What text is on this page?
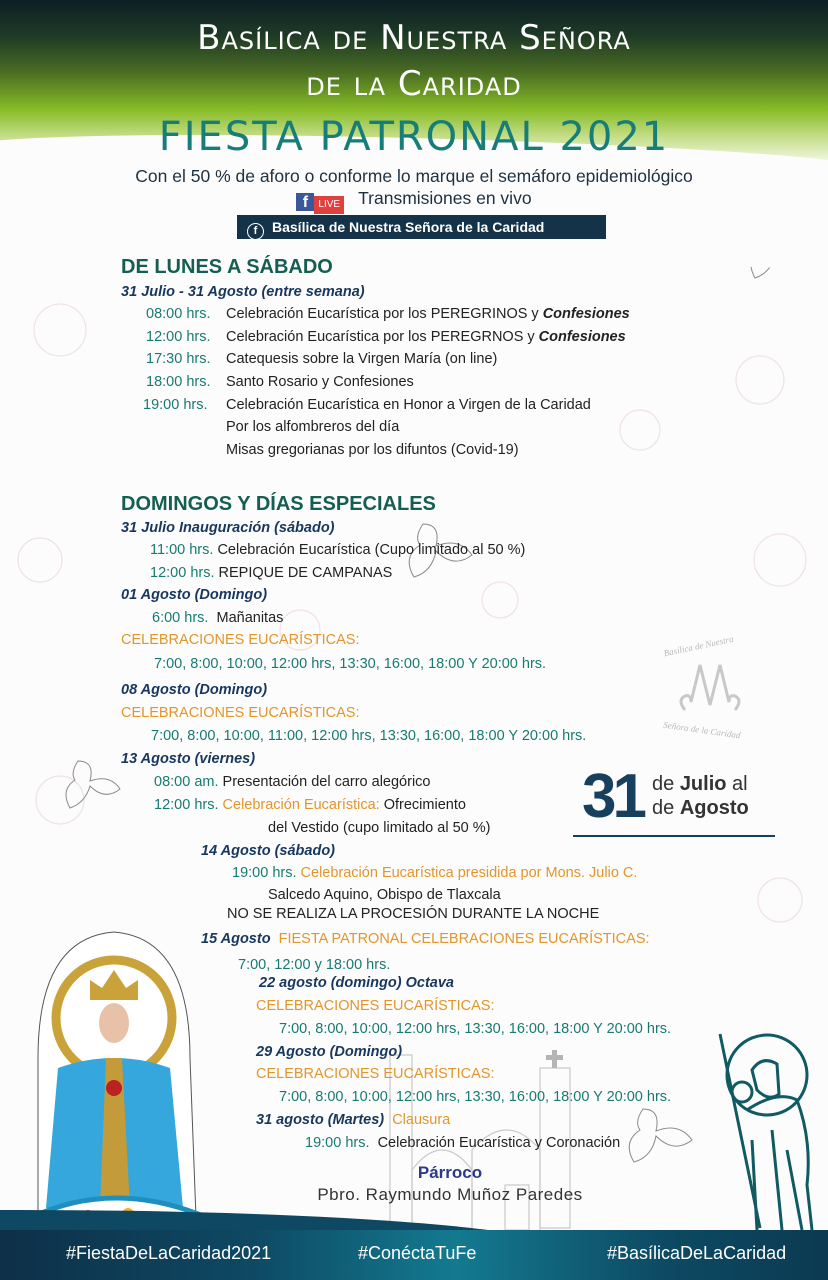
Basílica de Nuestra Señora
de la Caridad
FIESTA PATRONAL 2021
Con el 50 % de aforo o conforme lo marque el semáforo epidemiológico
f LIVE Transmisiones en vivo
f Basílica de Nuestra Señora de la Caridad
DE LUNES A SÁBADO
31 Julio - 31 Agosto (entre semana)
08:00 hrs. Celebración Eucarística por los PEREGRINOS y Confesiones
12:00 hrs. Celebración Eucarística por los PEREGRNOS y Confesiones
17:30 hrs. Catequesis sobre la Virgen María (on line)
18:00 hrs. Santo Rosario y Confesiones
19:00 hrs. Celebración Eucarística en Honor a Virgen de la Caridad
Por los alfombreros del día
Misas gregorianas por los difuntos (Covid-19)
DOMINGOS Y DÍAS ESPECIALES
31 Julio Inauguración (sábado)
11:00 hrs. Celebración Eucarística (Cupo limitado al 50 %)
12:00 hrs. REPIQUE DE CAMPANAS
01 Agosto (Domingo)
6:00 hrs. Mañanitas
CELEBRACIONES EUCARÍSTICAS:
7:00, 8:00, 10:00, 12:00 hrs, 13:30, 16:00, 18:00 Y 20:00 hrs.
08 Agosto (Domingo)
CELEBRACIONES EUCARÍSTICAS:
7:00, 8:00, 10:00, 11:00, 12:00 hrs, 13:30, 16:00, 18:00 Y 20:00 hrs.
13 Agosto (viernes)
08:00 am. Presentación del carro alegórico
12:00 hrs. Celebración Eucarística: Ofrecimiento
del Vestido (cupo limitado al 50 %)
14 Agosto (sábado)
19:00 hrs. Celebración Eucarística presidida por Mons. Julio C.
Salcedo Aquino, Obispo de Tlaxcala
NO SE REALIZA LA PROCESIÓN DURANTE LA NOCHE
15 Agosto FIESTA PATRONAL CELEBRACIONES EUCARÍSTICAS:
7:00, 12:00 y 18:00 hrs.
22 agosto (domingo) Octava
CELEBRACIONES EUCARÍSTICAS:
7:00, 8:00, 10:00, 12:00 hrs, 13:30, 16:00, 18:00 Y 20:00 hrs.
29 Agosto (Domingo)
CELEBRACIONES EUCARÍSTICAS:
7:00, 8:00, 10:00, 12:00 hrs, 13:30, 16:00, 18:00 Y 20:00 hrs.
31 agosto (Martes) Clausura
19:00 hrs. Celebración Eucarística y Coronación
Párroco
Pbro. Raymundo Muñoz Paredes
Basílica de Nuestra
Señora de la Caridad
31 de Julio al
de Agosto
#FiestaDeLaCaridad2021	#ConéctaTuFe	#BasílicaDeLaCaridad
